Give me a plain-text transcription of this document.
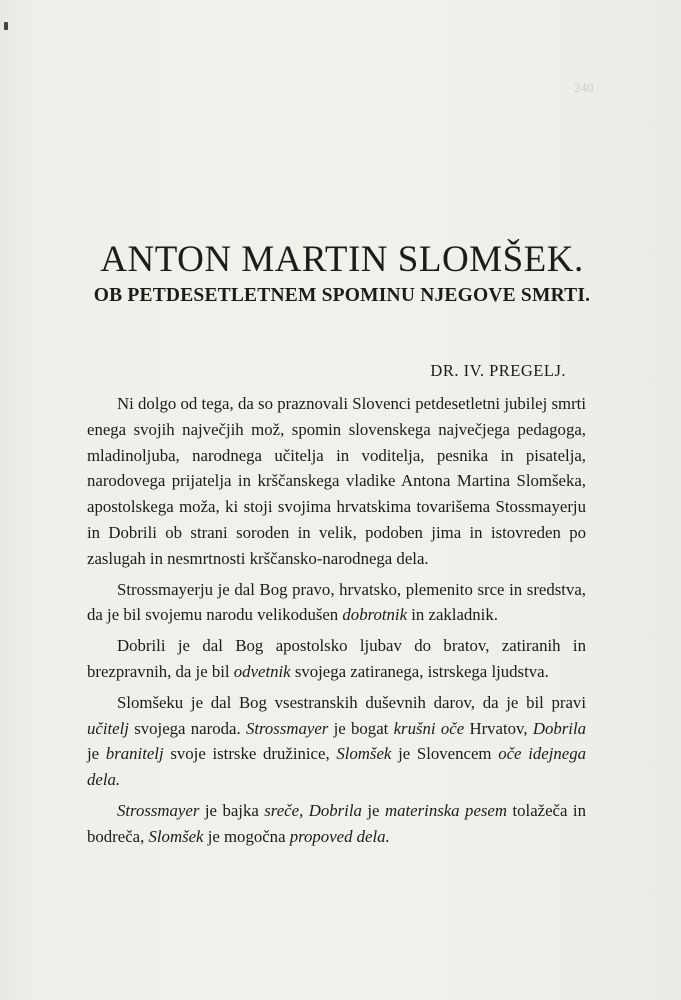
240
ANTON MARTIN SLOMŠEK.
OB PETDESETLETNEM SPOMINU NJEGOVE SMRTI.
DR. IV. PREGELJ.

Ni dolgo od tega, da so praznovali Slovenci petdesetletni jubilej smrti enega svojih največjih mož, spomin slovenskega največjega pedagoga, mladinoljuba, narodnega učitelja in voditelja, pesnika in pisatelja, narodovega prijatelja in krščanskega vladike Antona Martina Slomšeka, apostolskega moža, ki stoji svojima hrvatskima tovarišema Stossmayerju in Dobrili ob strani soroden in velik, podoben jima in istovreden po zaslugah in nesmrtnosti krščansko-narodnega dela.

Strossmayerju je dal Bog pravo, hrvatsko, plemenito srce in sredstva, da je bil svojemu narodu velikodušen dobrotnik in zakladnik.

Dobrili je dal Bog apostolsko ljubav do bratov, zatiranih in brezpravnih, da je bil odvetnik svojega zatiranega, istrskega ljudstva.

Slomšeku je dal Bog vsestranskih duševnih darov, da je bil pravi učitelj svojega naroda. Strossmayer je bogat krušni oče Hrvatov, Dobrila je branitelj svoje istrske družinice, Slomšek je Slovencem oče idejnega dela.

Strossmayer je bajka sreče, Dobrila je materinska pesem tolažeča in bodreča, Slomšek je mogočna propoved dela.
